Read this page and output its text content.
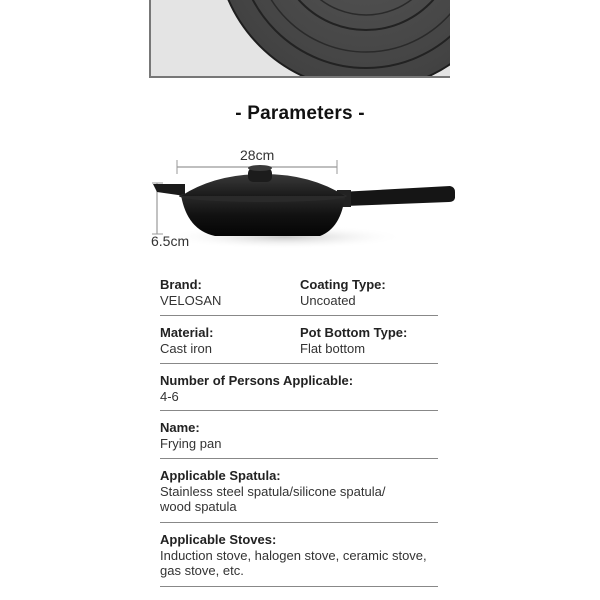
- Parameters -
28cm
6.5cm
Brand:
VELOSAN
Coating Type:
Uncoated
Material:
Cast iron
Pot Bottom Type:
Flat bottom
Number of Persons Applicable:
4-6
Name:
Frying pan
Applicable Spatula:
Stainless steel spatula/silicone spatula/
wood spatula
Applicable Stoves:
Induction stove, halogen stove, ceramic stove,
gas stove, etc.
